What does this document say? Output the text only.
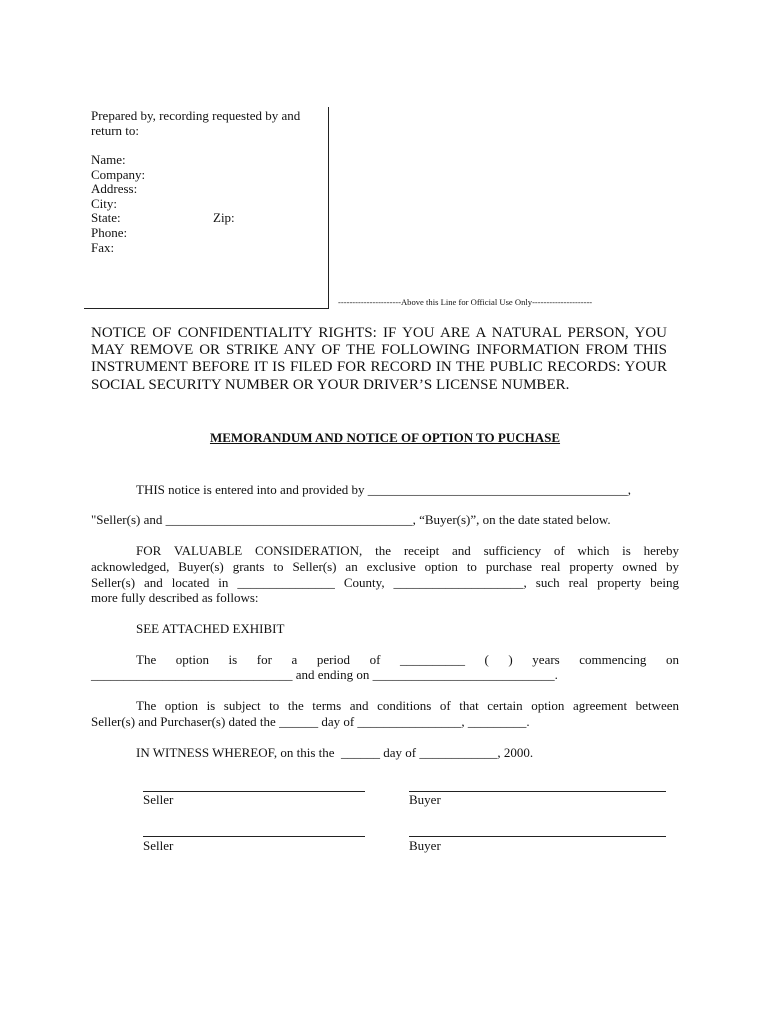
Prepared by, recording requested by and
return to:
Name:
Company:
Address:
City:
State:	Zip:
Phone:
Fax:
----------------------Above this Line for Official Use Only---------------------
NOTICE OF CONFIDENTIALITY RIGHTS: IF YOU ARE A NATURAL PERSON, YOU
MAY REMOVE OR STRIKE ANY OF THE FOLLOWING INFORMATION FROM THIS
INSTRUMENT BEFORE IT IS FILED FOR RECORD IN THE PUBLIC RECORDS: YOUR
SOCIAL SECURITY NUMBER OR YOUR DRIVER’S LICENSE NUMBER.
MEMORANDUM AND NOTICE OF OPTION TO PUCHASE
THIS notice is entered into and provided by ________________________________________,
"Seller(s) and ______________________________________, “Buyer(s)”, on the date stated below.
FOR VALUABLE CONSIDERATION, the receipt and sufficiency of which is hereby
acknowledged, Buyer(s) grants to Seller(s) an exclusive option to purchase real property owned by
Seller(s) and located in _______________ County, ____________________, such real property being
more fully described as follows:
SEE ATTACHED EXHIBIT
The option is for a period of __________ ( ) years commencing on
_______________________________ and ending on ____________________________.
The option is subject to the terms and conditions of that certain option agreement between
Seller(s) and Purchaser(s) dated the ______ day of ________________, _________.
IN WITNESS WHEREOF, on this the  ______ day of ____________, 2000.
Seller	Buyer
Seller	Buyer
